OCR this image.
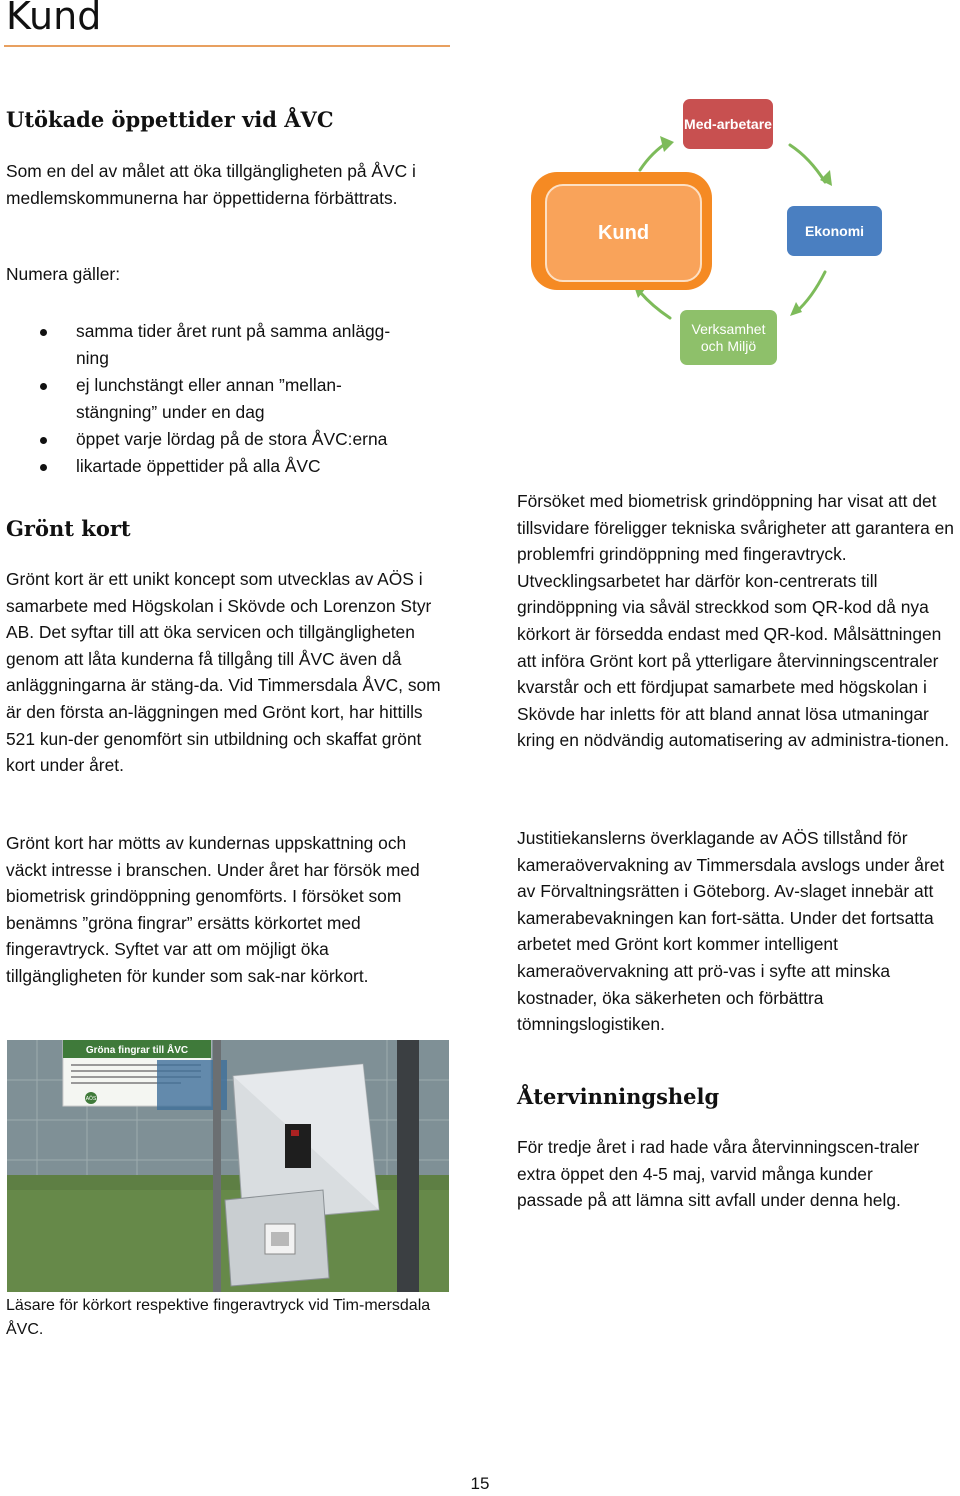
Kund
Utökade öppettider vid ÅVC

Som en del av målet att öka tillgängligheten på ÅVC i medlemskommunerna har öppettiderna förbättrats.

Numera gäller:

samma tider året runt på samma anlägg-ning
ej lunchstängt eller annan ”mellan-stängning” under en dag
öppet varje lördag på de stora ÅVC:erna
likartade öppettider på alla ÅVC
Grönt kort

Grönt kort är ett unikt koncept som utvecklas av AÖS i samarbete med Högskolan i Skövde och Lorenzon Styr AB. Det syftar till att öka servicen och tillgängligheten genom att låta kunderna få tillgång till ÅVC även då anläggningarna är stäng-da. Vid Timmersdala ÅVC, som är den första an-läggningen med Grönt kort, har hittills 521 kun-der genomfört sin utbildning och skaffat grönt kort under året.

Grönt kort har mötts av kundernas uppskattning och väckt intresse i branschen. Under året har försök med biometrisk grindöppning genomförts. I försöket som benämns ”gröna fingrar” ersätts körkortet med fingeravtryck. Syftet var att om möjligt öka tillgängligheten för kunder som sak-nar körkort.

Gröna fingrar till ÅVC
AÖS

Läsare för körkort respektive fingeravtryck vid Tim-mersdala ÅVC.

Kund
Med-arbetare
Ekonomi
Verksamhet och Miljö

Försöket med biometrisk grindöppning har visat att det tillsvidare föreligger tekniska svårigheter att garantera en problemfri grindöppning med fingeravtryck. Utvecklingsarbetet har därför kon-centrerats till grindöppning via såväl streckkod som QR-kod då nya körkort är försedda endast med QR-kod. Målsättningen att införa Grönt kort på ytterligare återvinningscentraler kvarstår och ett fördjupat samarbete med högskolan i Skövde har inletts för att bland annat lösa utmaningar kring en nödvändig automatisering av administra-tionen.

Justitiekanslerns överklagande av AÖS tillstånd för kameraövervakning av Timmersdala avslogs under året av Förvaltningsrätten i Göteborg. Av-slaget innebär att kamerabevakningen kan fort-sätta. Under det fortsatta arbetet med Grönt kort kommer intelligent kameraövervakning att prö-vas i syfte att minska kostnader, öka säkerheten och förbättra tömningslogistiken.

Återvinningshelg

För tredje året i rad hade våra återvinningscen-traler extra öppet den 4-5 maj, varvid många kunder passade på att lämna sitt avfall under denna helg.

15
